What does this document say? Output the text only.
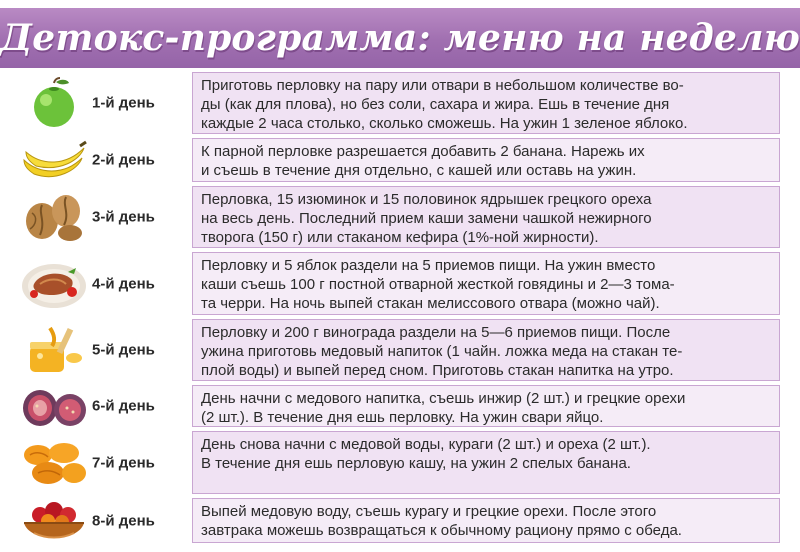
Детокс-программа: меню на неделю
1-й день
Приготовь перловку на пару или отвари в небольшом количестве во-
ды (как для плова), но без соли, сахара и жира. Ешь в течение дня
каждые 2 часа столько, сколько сможешь. На ужин 1 зеленое яблоко.
2-й день	К парной перловке разрешается добавить 2 банана. Нарежь их
и съешь в течение дня отдельно, с кашей или оставь на ужин.
3-й день
Перловка, 15 изюминок и 15 половинок ядрышек грецкого ореха
на весь день. Последний прием каши замени чашкой нежирного
творога (150 г) или стаканом кефира (1%-ной жирности).
4-й день
Перловку и 5 яблок раздели на 5 приемов пищи. На ужин вместо
каши съешь 100 г постной отварной жесткой говядины и 2—3 тома-
та черри. На ночь выпей стакан мелиссового отвара (можно чай).
5-й день
Перловку и 200 г винограда раздели на 5—6 приемов пищи. После
ужина приготовь медовый напиток (1 чайн. ложка меда на стакан те-
плой воды) и выпей перед сном. Приготовь стакан напитка на утро.
6-й день	День начни с медового напитка, съешь инжир (2 шт.) и грецкие орехи
(2 шт.). В течение дня ешь перловку. На ужин свари яйцо.
7-й день
День снова начни с медовой воды, кураги (2 шт.) и ореха (2 шт.).
В течение дня ешь перловую кашу, на ужин 2 спелых банана.
8-й день
Выпей медовую воду, съешь курагу и грецкие орехи. После этого
завтрака можешь возвращаться к обычному рациону прямо с обеда.
